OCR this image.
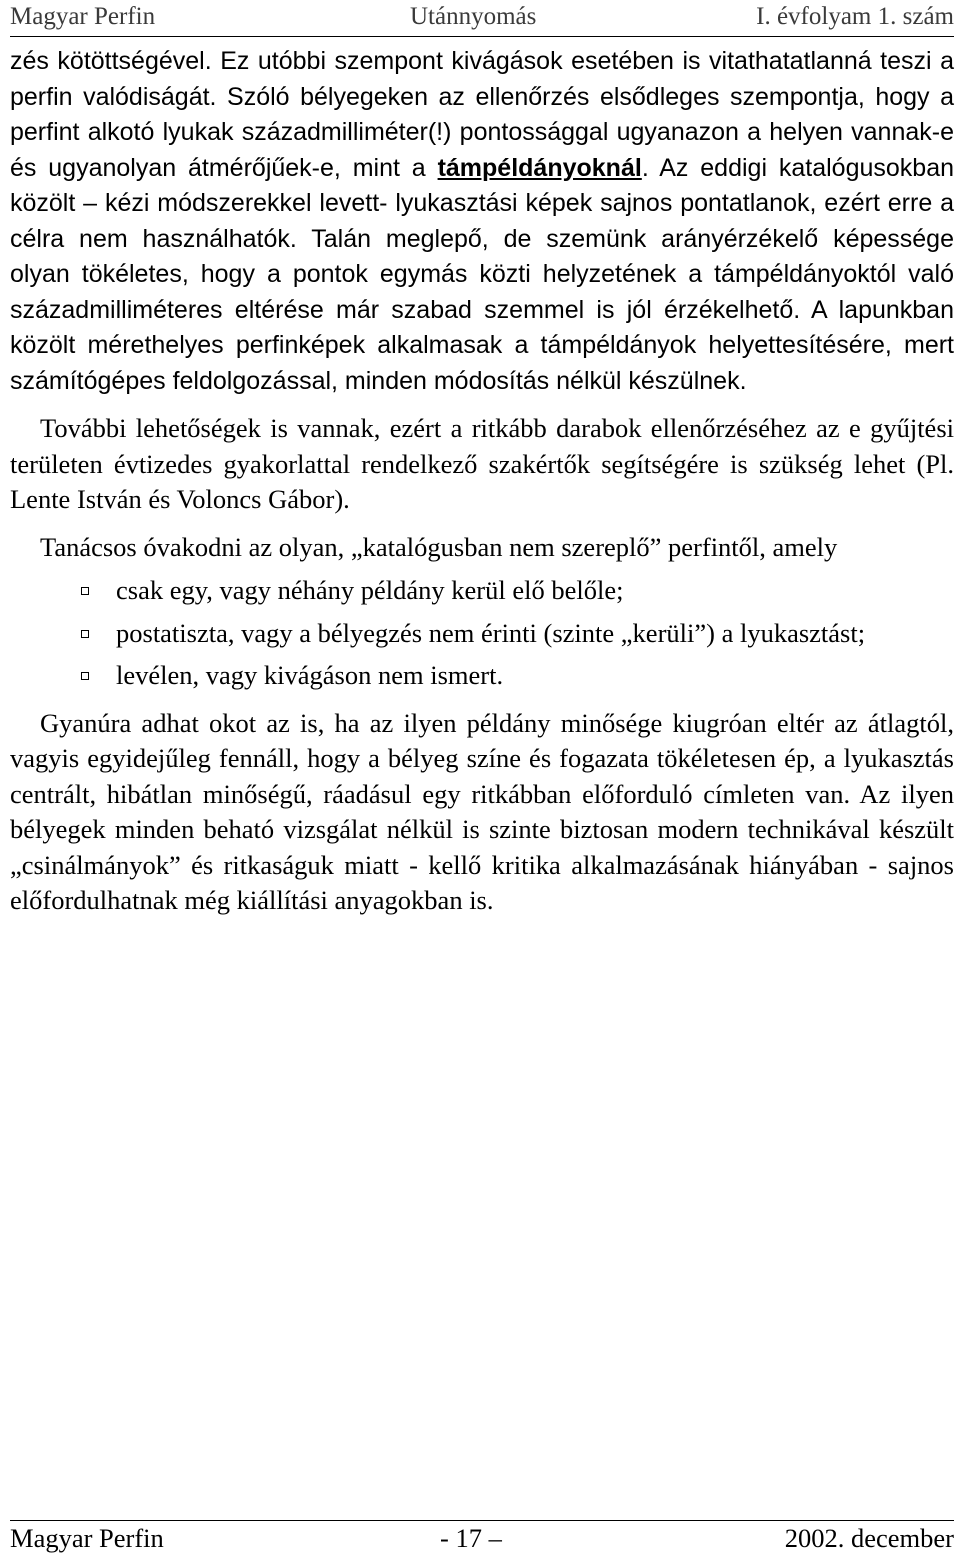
Magyar Perfin	Utánnyomás	I. évfolyam 1. szám

zés kötöttségével. Ez utóbbi szempont kivágások esetében is vitathatatlanná teszi a perfin valódiságát. Szóló bélyegeken az ellenőrzés elsődleges szempontja, hogy a perfint alkotó lyukak századmilliméter(!) pontossággal ugyanazon a helyen vannak-e és ugyanolyan átmérőjűek-e, mint a támpéldányoknál. Az eddigi katalógusokban közölt – kézi módszerekkel levett- lyukasztási képek sajnos pontatlanok, ezért erre a célra nem használhatók. Talán meglepő, de szemünk arányérzékelő képessége olyan tökéletes, hogy a pontok egymás közti helyzetének a támpéldányoktól való századmilliméteres eltérése már szabad szemmel is jól érzékelhető. A lapunkban közölt mérethelyes perfinképek alkalmasak a támpéldányok helyettesítésére, mert számítógépes feldolgozással, minden módosítás nélkül készülnek.

További lehetőségek is vannak, ezért a ritkább darabok ellenőrzéséhez az e gyűjtési területen évtizedes gyakorlattal rendelkező szakértők segítségére is szükség lehet (Pl. Lente István és Voloncs Gábor).

Tanácsos óvakodni az olyan, „katalógusban nem szereplő” perfintől, amely

csak egy, vagy néhány példány kerül elő belőle;
postatiszta, vagy a bélyegzés nem érinti (szinte „kerüli”) a lyukasztást;
levélen, vagy kivágáson nem ismert.

Gyanúra adhat okot az is, ha az ilyen példány minősége kiugróan eltér az átlagtól, vagyis egyidejűleg fennáll, hogy a bélyeg színe és fogazata tökéletesen ép, a lyukasztás centrált, hibátlan minőségű, ráadásul egy ritkábban előforduló címleten van. Az ilyen bélyegek minden beható vizsgálat nélkül is szinte biztosan modern technikával készült „csinálmányok” és ritkaságuk miatt - kellő kritika alkalmazásának hiányában - sajnos előfordulhatnak még kiállítási anyagokban is.

Magyar Perfin	- 17 –	2002. december
